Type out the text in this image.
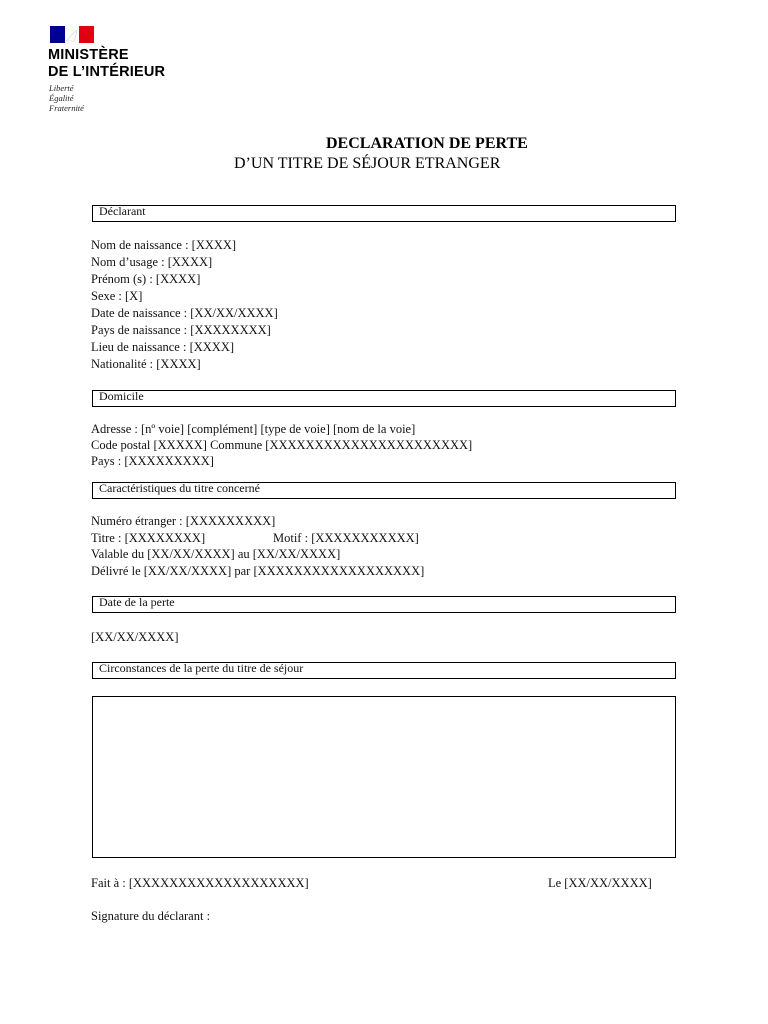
MINISTÈRE
DE L’INTÉRIEUR
Liberté
Égalité
Fraternité
DECLARATION DE PERTE
D’UN TITRE DE SÉJOUR ETRANGER
Déclarant
Nom de naissance : [XXXX]
Nom d’usage : [XXXX]
Prénom (s) : [XXXX]
Sexe : [X]
Date de naissance : [XX/XX/XXXX]
Pays de naissance : [XXXXXXXX]
Lieu de naissance : [XXXX]
Nationalité : [XXXX]
Domicile
Adresse : [nº voie] [complément] [type de voie] [nom de la voie]
Code postal [XXXXX] Commune [XXXXXXXXXXXXXXXXXXXXXX]
Pays : [XXXXXXXXX]
Caractéristiques du titre concerné
Numéro étranger : [XXXXXXXXX]
Titre : [XXXXXXXX]	Motif : [XXXXXXXXXXX]
Valable du [XX/XX/XXXX] au [XX/XX/XXXX]
Délivré le [XX/XX/XXXX] par [XXXXXXXXXXXXXXXXXX]
Date de la perte
[XX/XX/XXXX]
Circonstances de la perte du titre de séjour
Fait à : [XXXXXXXXXXXXXXXXXXX]	Le [XX/XX/XXXX]
Signature du déclarant :
